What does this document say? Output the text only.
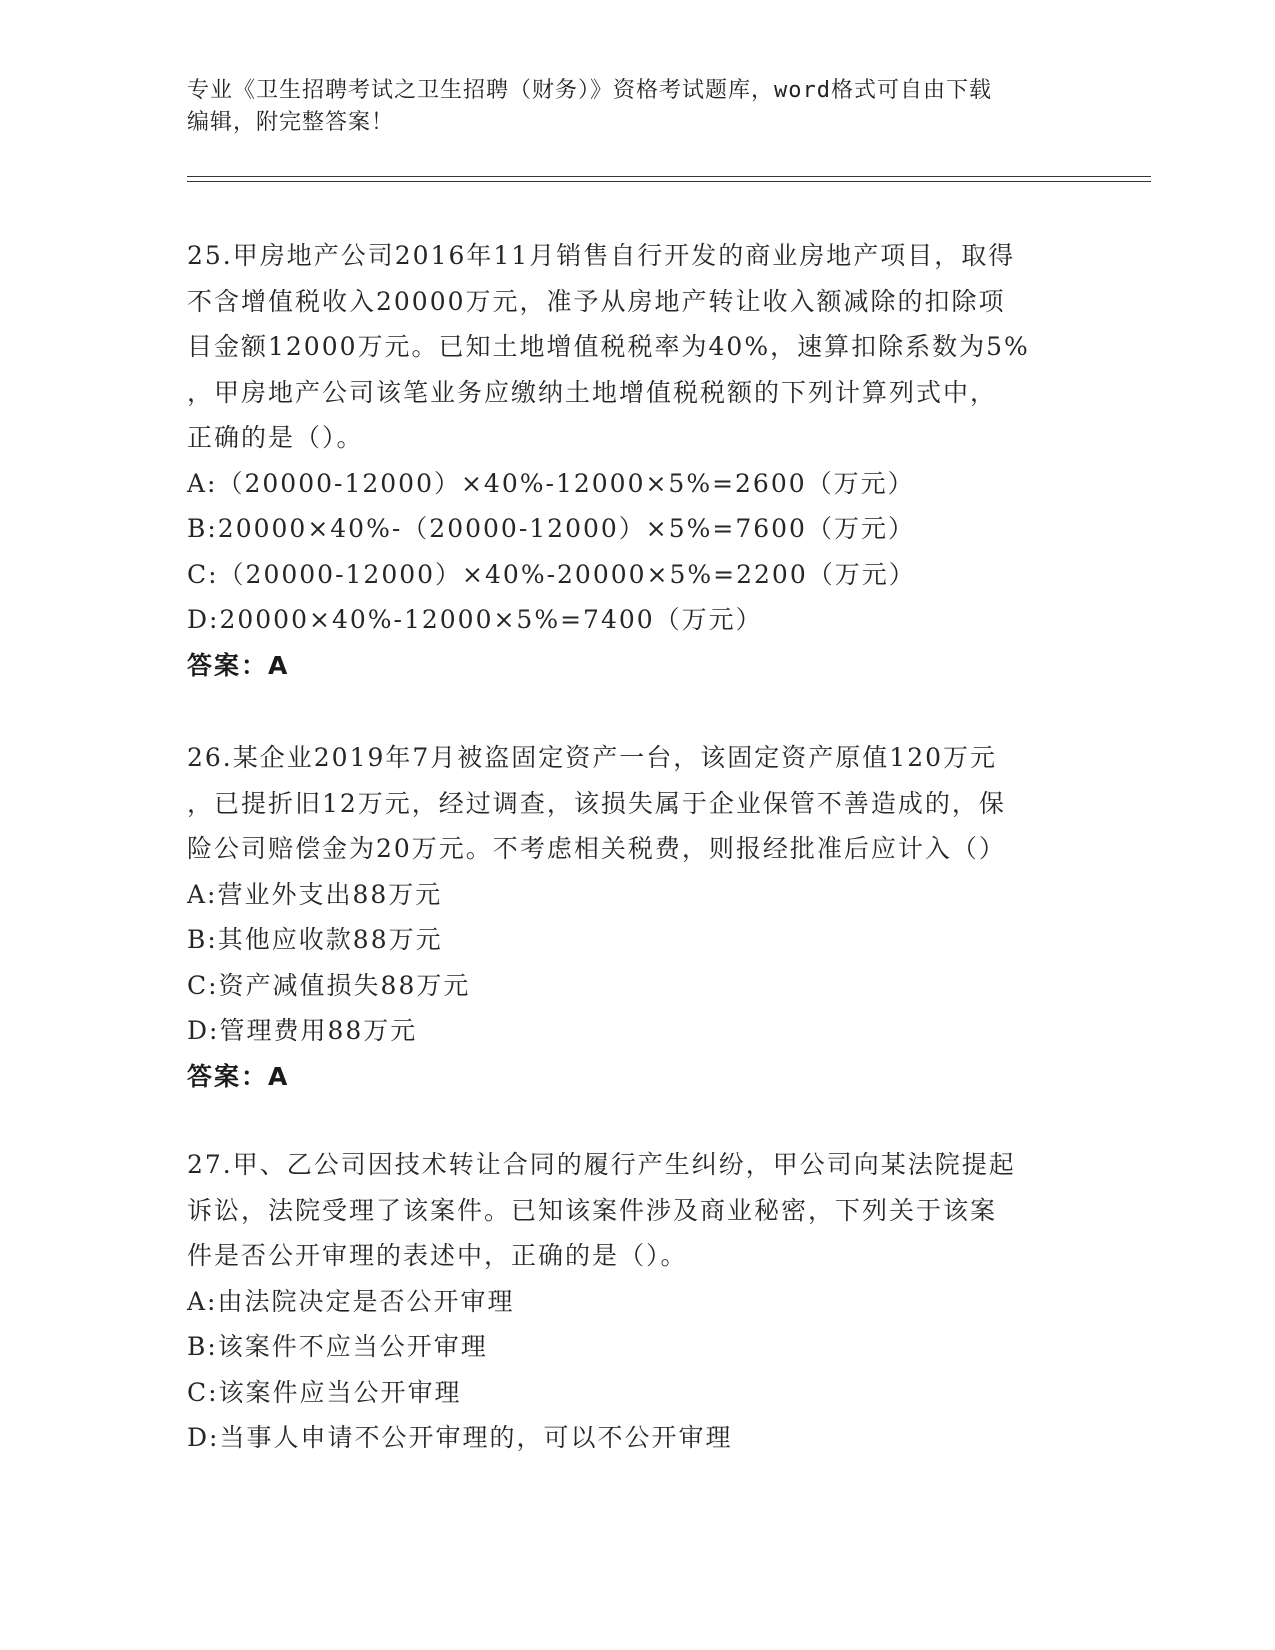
专业《卫生招聘考试之卫生招聘（财务）》资格考试题库，word格式可自由下载
编辑，附完整答案！
25.甲房地产公司2016年11月销售自行开发的商业房地产项目，取得
不含增值税收入20000万元，准予从房地产转让收入额减除的扣除项
目金额12000万元。已知土地增值税税率为40%，速算扣除系数为5%
，甲房地产公司该笔业务应缴纳土地增值税税额的下列计算列式中，
正确的是（）。
A:（20000-12000）×40%-12000×5%=2600（万元）
B:20000×40%-（20000-12000）×5%=7600（万元）
C:（20000-12000）×40%-20000×5%=2200（万元）
D:20000×40%-12000×5%=7400（万元）
答案：A
26.某企业2019年7月被盗固定资产一台，该固定资产原值120万元
，已提折旧12万元，经过调查，该损失属于企业保管不善造成的，保
险公司赔偿金为20万元。不考虑相关税费，则报经批准后应计入（）
A:营业外支出88万元
B:其他应收款88万元
C:资产减值损失88万元
D:管理费用88万元
答案：A
27.甲、乙公司因技术转让合同的履行产生纠纷，甲公司向某法院提起
诉讼，法院受理了该案件。已知该案件涉及商业秘密，下列关于该案
件是否公开审理的表述中，正确的是（）。
A:由法院决定是否公开审理
B:该案件不应当公开审理
C:该案件应当公开审理
D:当事人申请不公开审理的，可以不公开审理
